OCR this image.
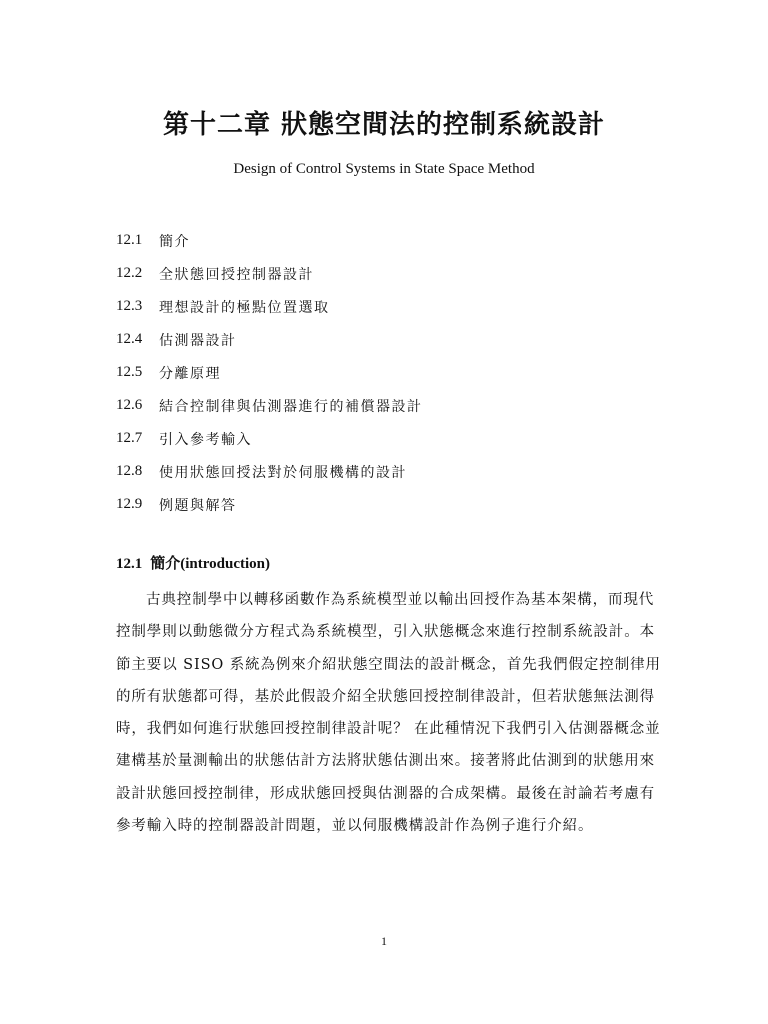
第十二章 狀態空間法的控制系統設計
Design of Control Systems in State Space Method
12.1	簡介
12.2	全狀態回授控制器設計
12.3	理想設計的極點位置選取
12.4	估測器設計
12.5	分離原理
12.6	結合控制律與估測器進行的補償器設計
12.7	引入參考輸入
12.8	使用狀態回授法對於伺服機構的設計
12.9	例題與解答
12.1 簡介(introduction)
古典控制學中以轉移函數作為系統模型並以輸出回授作為基本架構，而現代
控制學則以動態微分方程式為系統模型，引入狀態概念來進行控制系統設計。本
節主要以 SISO 系統為例來介紹狀態空間法的設計概念，首先我們假定控制律用
的所有狀態都可得，基於此假設介紹全狀態回授控制律設計，但若狀態無法測得
時，我們如何進行狀態回授控制律設計呢？ 在此種情況下我們引入估測器概念並
建構基於量測輸出的狀態估計方法將狀態估測出來。接著將此估測到的狀態用來
設計狀態回授控制律，形成狀態回授與估測器的合成架構。最後在討論若考慮有
參考輸入時的控制器設計問題，並以伺服機構設計作為例子進行介紹。
1
